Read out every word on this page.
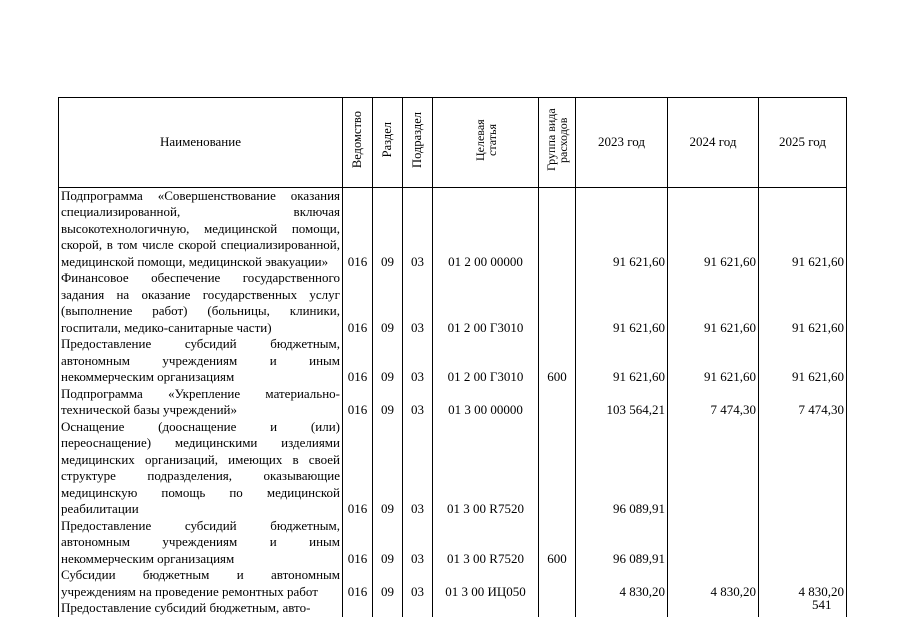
Наименование	Ведомство	Раздел	Подраздел	Целевая статья	Группа вида расходов	2023 год	2024 год	2025 год
Подпрограмма «Совершенствование оказания специализированной, включая высокотехнологичную, медицинской помощи, скорой, в том числе скорой специализированной, медицинской помощи, медицинской эвакуации»	016	09	03	01 2 00 00000		91 621,60	91 621,60	91 621,60
Финансовое обеспечение государственного задания на оказание государственных услуг (выполнение работ) (больницы, клиники, госпитали, медико-санитарные части)	016	09	03	01 2 00 Г3010		91 621,60	91 621,60	91 621,60
Предоставление субсидий бюджетным, автономным учреждениям и иным некоммерческим организациям	016	09	03	01 2 00 Г3010	600	91 621,60	91 621,60	91 621,60
Подпрограмма «Укрепление материально-технической базы учреждений»	016	09	03	01 3 00 00000		103 564,21	7 474,30	7 474,30
Оснащение (дооснащение и (или) переоснащение) медицинскими изделиями медицинских организаций, имеющих в своей структуре подразделения, оказывающие медицинскую помощь по медицинской реабилитации	016	09	03	01 3 00 R7520		96 089,91		
Предоставление субсидий бюджетным, автономным учреждениям и иным некоммерческим организациям	016	09	03	01 3 00 R7520	600	96 089,91		
Субсидии бюджетным и автономным учреждениям на проведение ремонтных работ	016	09	03	01 3 00 ИЦ050		4 830,20	4 830,20	4 830,20
Предоставление субсидий бюджетным, авто-									541
